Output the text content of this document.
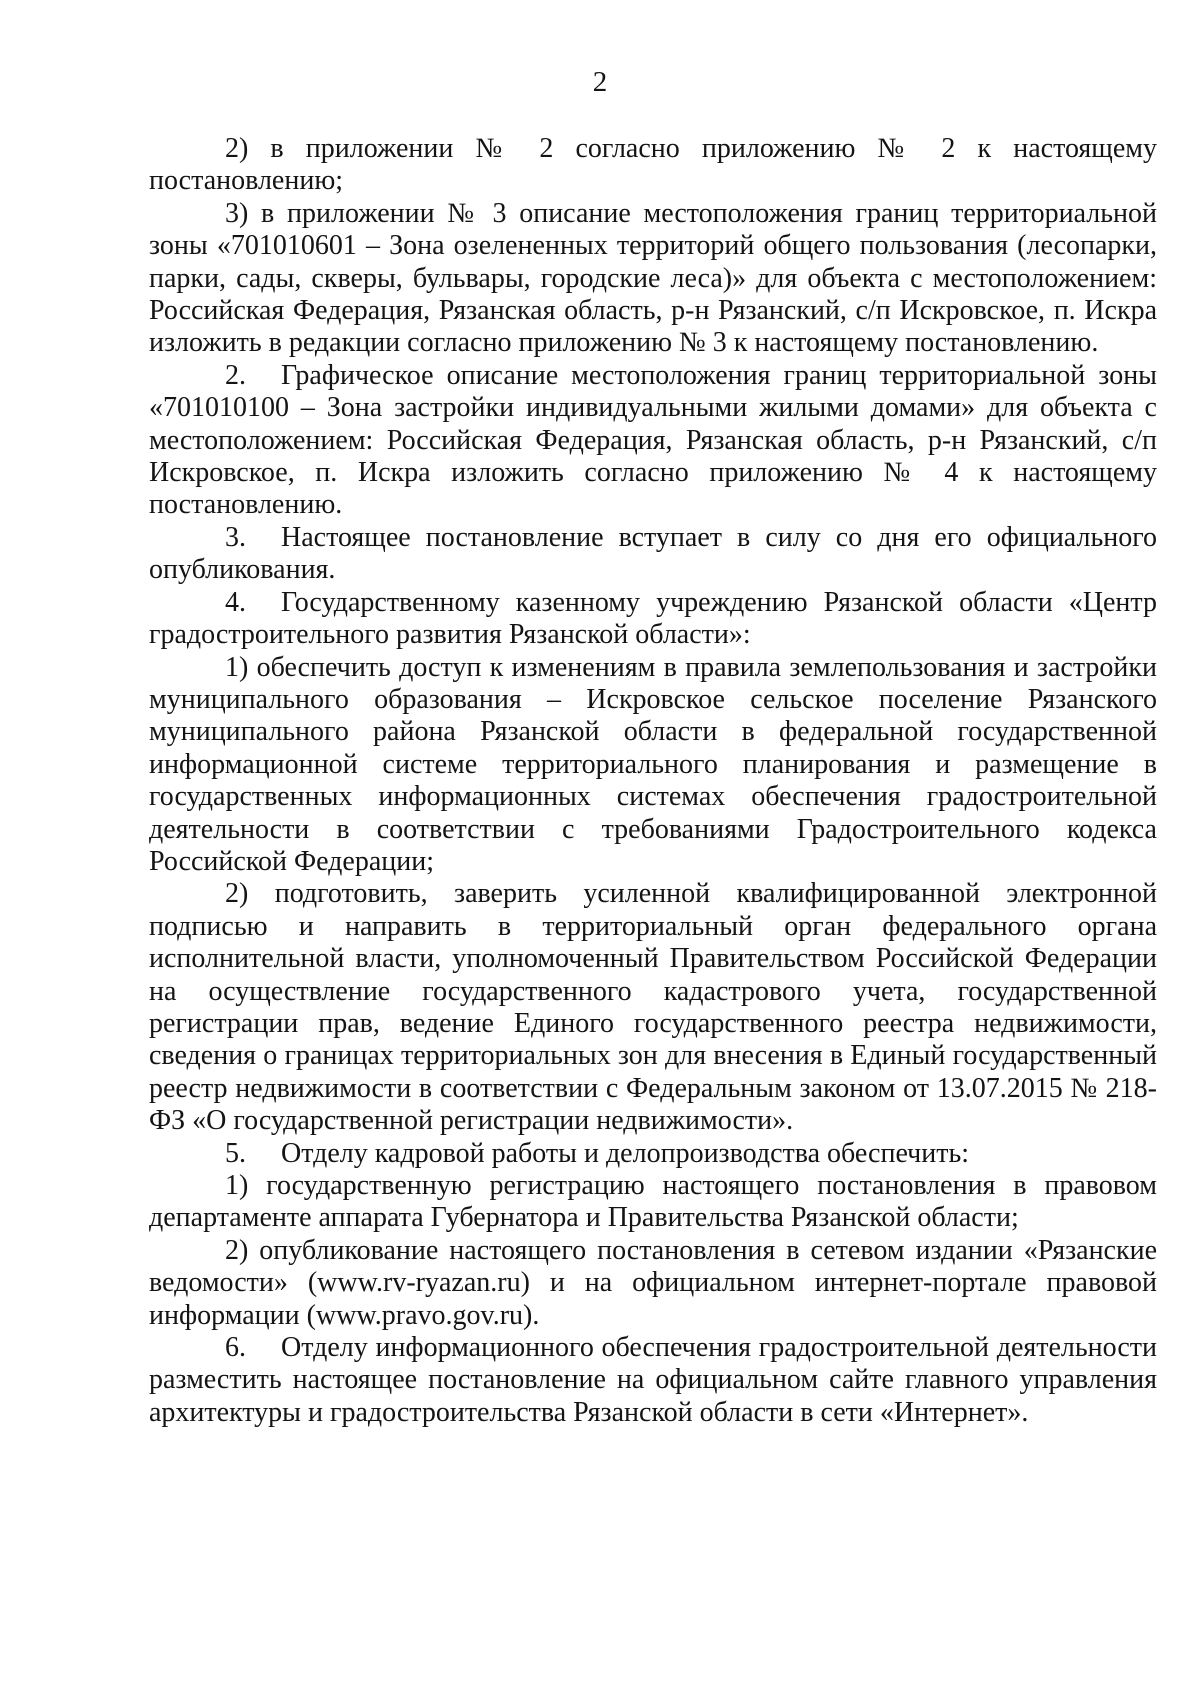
2

2) в приложении № 2 согласно приложению № 2 к настоящему постановлению;

3) в приложении № 3 описание местоположения границ территориальной зоны «701010601 – Зона озелененных территорий общего пользования (лесопарки, парки, сады, скверы, бульвары, городские леса)» для объекта с местоположением: Российская Федерация, Рязанская область, р-н Рязанский, с/п Искровское, п. Искра изложить в редакции согласно приложению № 3 к настоящему постановлению.

2. Графическое описание местоположения границ территориальной зоны «701010100 – Зона застройки индивидуальными жилыми домами» для объекта с местоположением: Российская Федерация, Рязанская область, р-н Рязанский, с/п Искровское, п. Искра изложить согласно приложению № 4 к настоящему постановлению.

3. Настоящее постановление вступает в силу со дня его официального опубликования.

4. Государственному казенному учреждению Рязанской области «Центр градостроительного развития Рязанской области»:

1) обеспечить доступ к изменениям в правила землепользования и застройки муниципального образования – Искровское сельское поселение Рязанского муниципального района Рязанской области в федеральной государственной информационной системе территориального планирования и размещение в государственных информационных системах обеспечения градостроительной деятельности в соответствии с требованиями Градостроительного кодекса Российской Федерации;

2) подготовить, заверить усиленной квалифицированной электронной подписью и направить в территориальный орган федерального органа исполнительной власти, уполномоченный Правительством Российской Федерации на осуществление государственного кадастрового учета, государственной регистрации прав, ведение Единого государственного реестра недвижимости, сведения о границах территориальных зон для внесения в Единый государственный реестр недвижимости в соответствии с Федеральным законом от 13.07.2015 № 218-ФЗ «О государственной регистрации недвижимости».

5. Отделу кадровой работы и делопроизводства обеспечить:

1) государственную регистрацию настоящего постановления в правовом департаменте аппарата Губернатора и Правительства Рязанской области;

2) опубликование настоящего постановления в сетевом издании «Рязанские ведомости» (www.rv-ryazan.ru) и на официальном интернет-портале правовой информации (www.pravo.gov.ru).

6. Отделу информационного обеспечения градостроительной деятельности разместить настоящее постановление на официальном сайте главного управления архитектуры и градостроительства Рязанской области в сети «Интернет».
